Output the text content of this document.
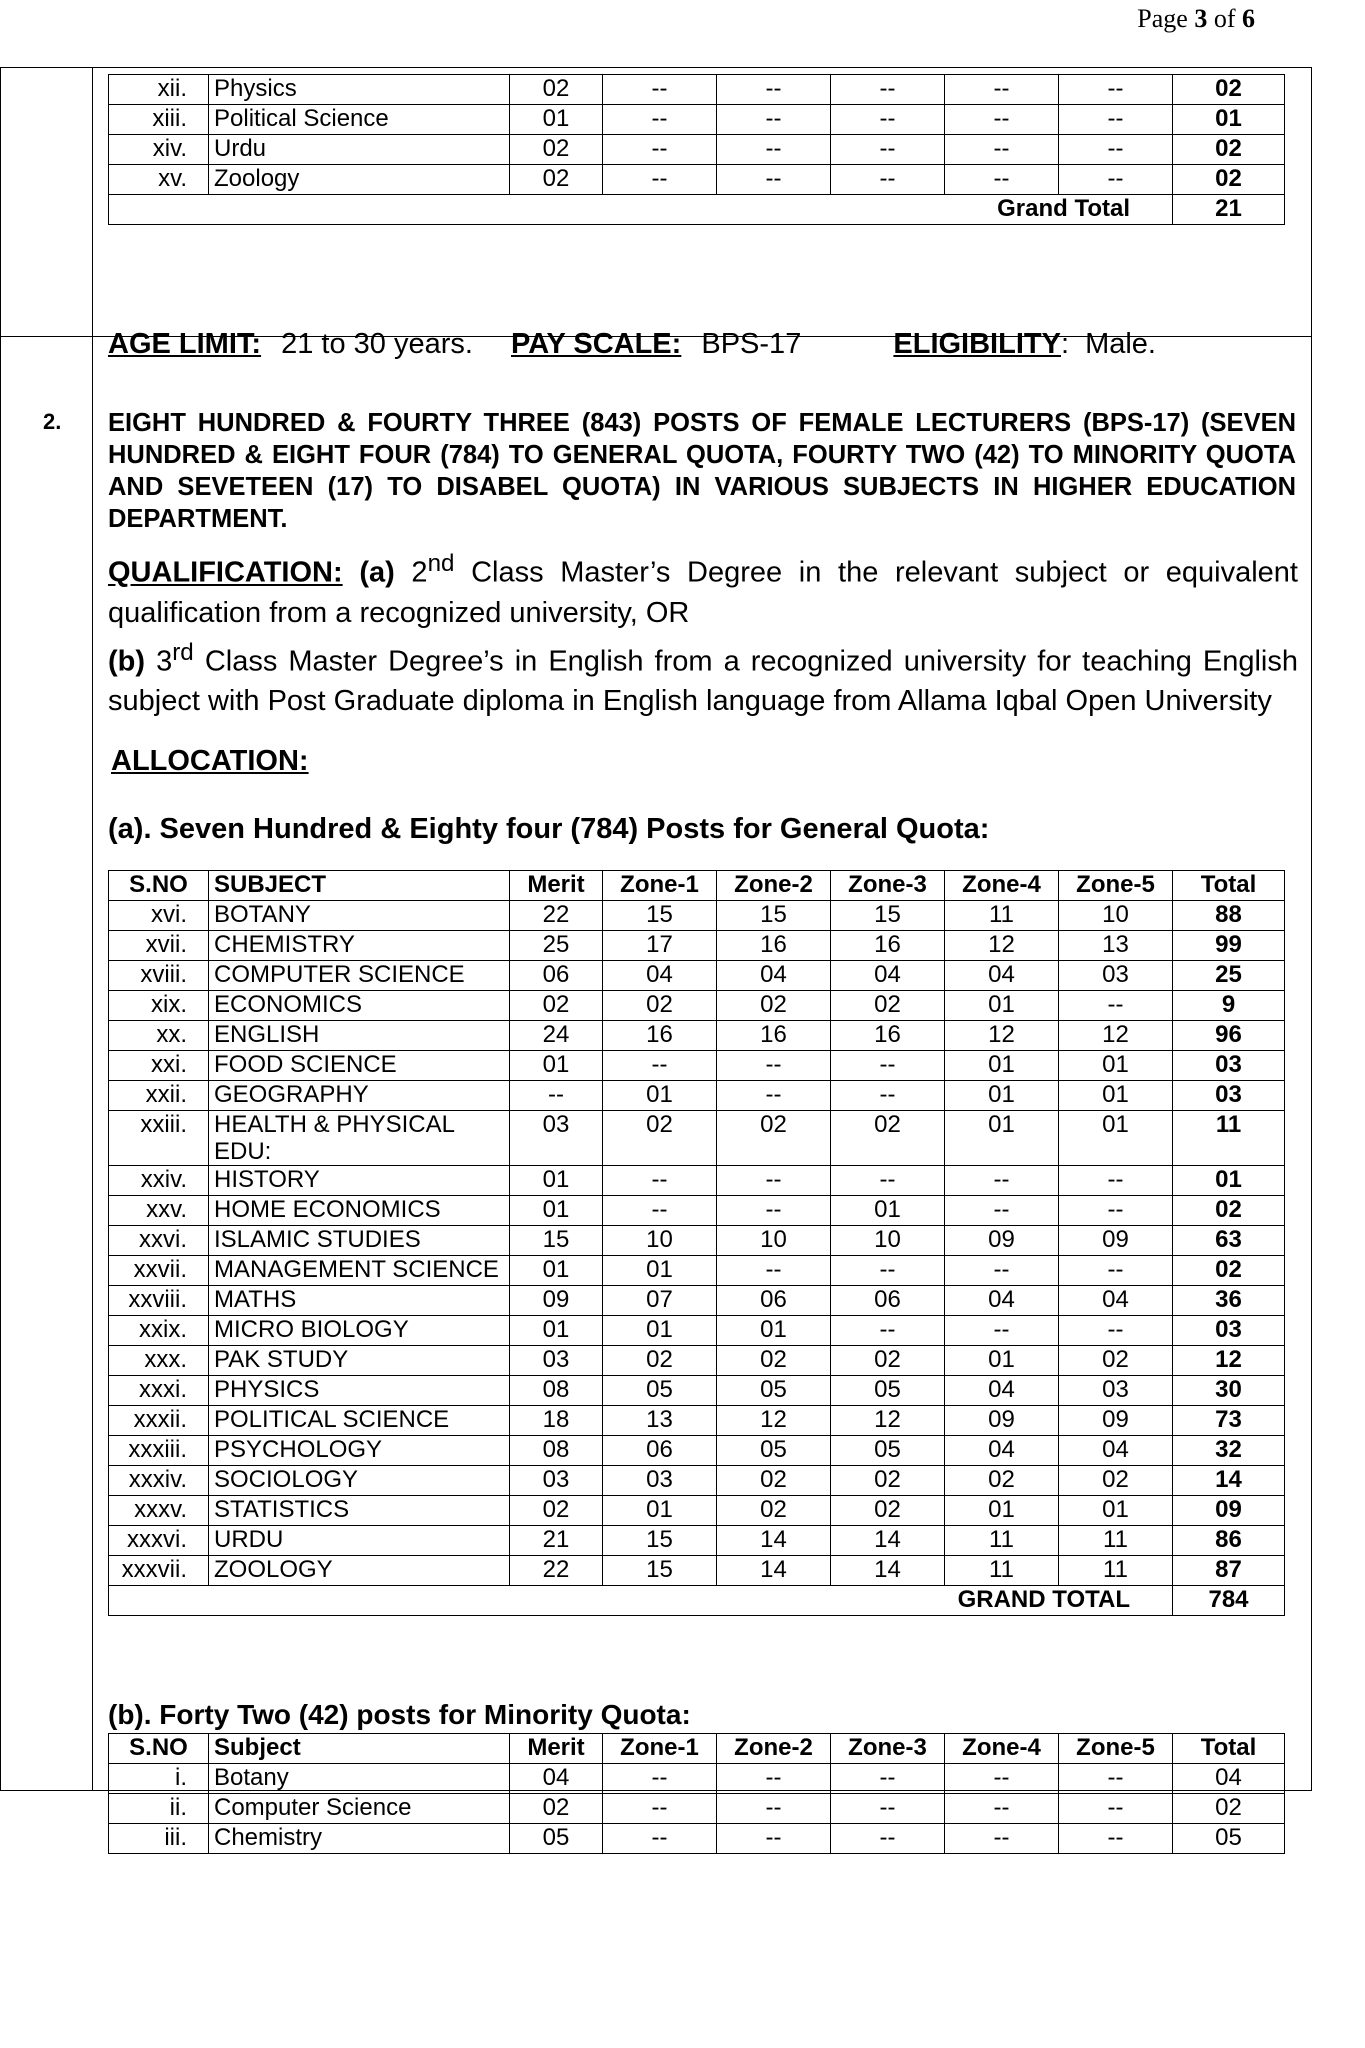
Page 3 of 6
xii.	Physics	02	--	--	--	--	--	02
xiii.	Political Science	01	--	--	--	--	--	01
xiv.	Urdu	02	--	--	--	--	--	02
xv.	Zoology	02	--	--	--	--	--	02
Grand Total								21
AGE LIMIT: 21 to 30 years. PAY SCALE: BPS-17	ELIGIBILITY: Male.
2. EIGHT HUNDRED & FOURTY THREE (843) POSTS OF FEMALE LECTURERS (BPS-17) (SEVEN HUNDRED & EIGHT FOUR (784) TO GENERAL QUOTA, FOURTY TWO (42) TO MINORITY QUOTA AND SEVETEEN (17) TO DISABEL QUOTA) IN VARIOUS SUBJECTS IN HIGHER EDUCATION DEPARTMENT.
QUALIFICATION: (a) 2nd Class Master’s Degree in the relevant subject or equivalent qualification from a recognized university, OR
(b) 3rd Class Master Degree’s in English from a recognized university for teaching English subject with Post Graduate diploma in English language from Allama Iqbal Open University
ALLOCATION:
(a). Seven Hundred & Eighty four (784) Posts for General Quota:
S.NO	SUBJECT	Merit	Zone-1	Zone-2	Zone-3	Zone-4	Zone-5	Total
xvi.	BOTANY	22	15	15	15	11	10	88
xvii.	CHEMISTRY	25	17	16	16	12	13	99
xviii.	COMPUTER SCIENCE	06	04	04	04	04	03	25
xix.	ECONOMICS	02	02	02	02	01	--	9
xx.	ENGLISH	24	16	16	16	12	12	96
xxi.	FOOD SCIENCE	01	--	--	--	01	01	03
xxii.	GEOGRAPHY	--	01	--	--	01	01	03
xxiii.	HEALTH & PHYSICAL EDU:	03	02	02	02	01	01	11
xxiv.	HISTORY	01	--	--	--	--	--	01
xxv.	HOME ECONOMICS	01	--	--	01	--	--	02
xxvi.	ISLAMIC STUDIES	15	10	10	10	09	09	63
xxvii.	MANAGEMENT SCIENCE	01	01	--	--	--	--	02
xxviii.	MATHS	09	07	06	06	04	04	36
xxix.	MICRO BIOLOGY	01	01	01	--	--	--	03
xxx.	PAK STUDY	03	02	02	02	01	02	12
xxxi.	PHYSICS	08	05	05	05	04	03	30
xxxii.	POLITICAL SCIENCE	18	13	12	12	09	09	73
xxxiii.	PSYCHOLOGY	08	06	05	05	04	04	32
xxxiv.	SOCIOLOGY	03	03	02	02	02	02	14
xxxv.	STATISTICS	02	01	02	02	01	01	09
xxxvi.	URDU	21	15	14	14	11	11	86
xxxvii.	ZOOLOGY	22	15	14	14	11	11	87
GRAND TOTAL								784
(b). Forty Two (42) posts for Minority Quota:
S.NO	Subject	Merit	Zone-1	Zone-2	Zone-3	Zone-4	Zone-5	Total
i.	Botany	04	--	--	--	--	--	04
ii.	Computer Science	02	--	--	--	--	--	02
iii.	Chemistry	05	--	--	--	--	--	05
